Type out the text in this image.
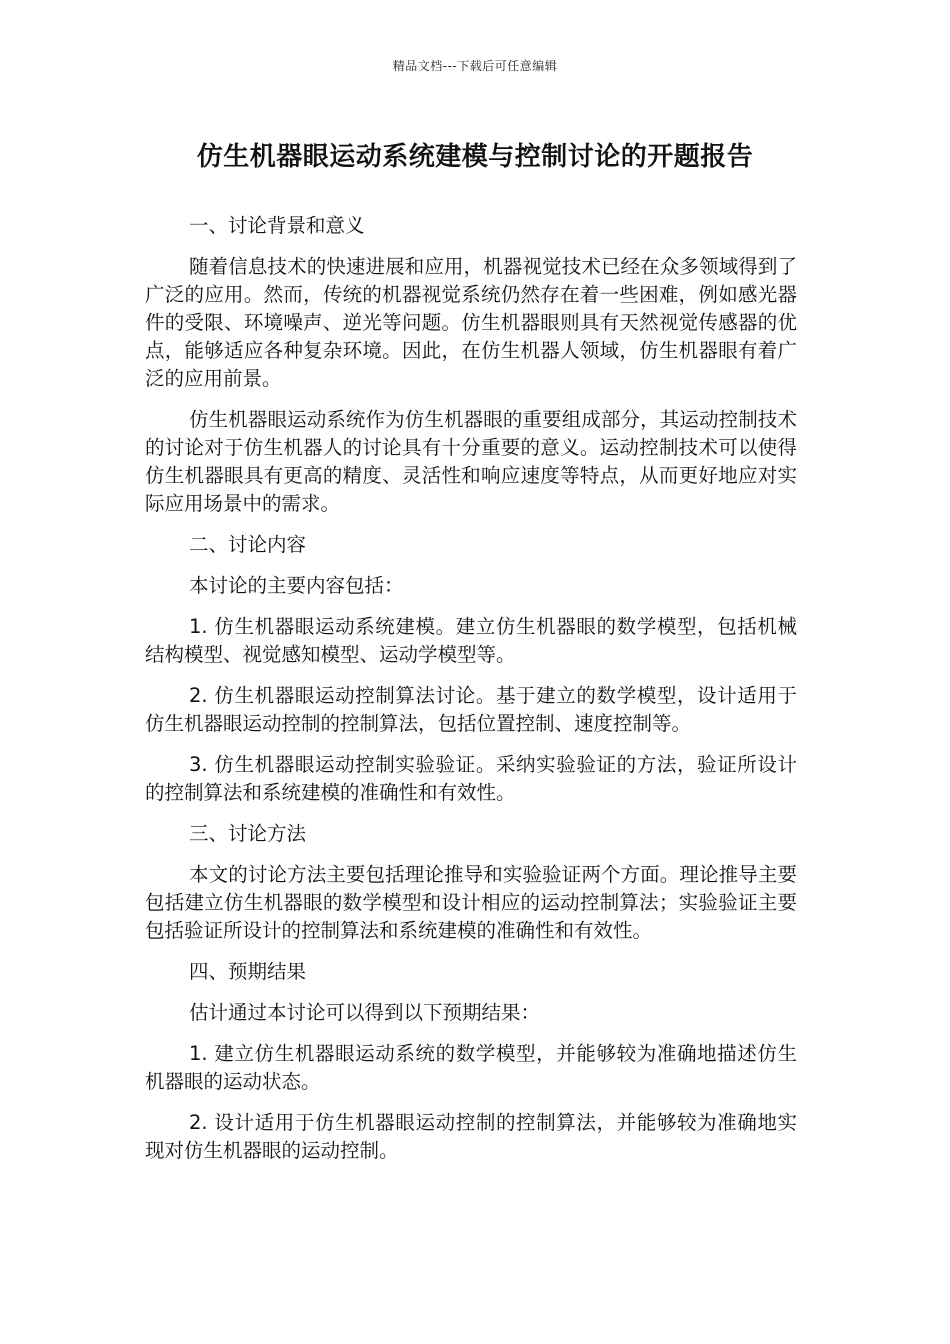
精品文档---下载后可任意编辑
仿生机器眼运动系统建模与控制讨论的开题报告

一、讨论背景和意义

随着信息技术的快速进展和应用，机器视觉技术已经在众多领域得到了广泛的应用。然而，传统的机器视觉系统仍然存在着一些困难，例如感光器件的受限、环境噪声、逆光等问题。仿生机器眼则具有天然视觉传感器的优点，能够适应各种复杂环境。因此，在仿生机器人领域，仿生机器眼有着广泛的应用前景。

仿生机器眼运动系统作为仿生机器眼的重要组成部分，其运动控制技术的讨论对于仿生机器人的讨论具有十分重要的意义。运动控制技术可以使得仿生机器眼具有更高的精度、灵活性和响应速度等特点，从而更好地应对实际应用场景中的需求。

二、讨论内容

本讨论的主要内容包括：

1. 仿生机器眼运动系统建模。建立仿生机器眼的数学模型，包括机械结构模型、视觉感知模型、运动学模型等。

2. 仿生机器眼运动控制算法讨论。基于建立的数学模型，设计适用于仿生机器眼运动控制的控制算法，包括位置控制、速度控制等。

3. 仿生机器眼运动控制实验验证。采纳实验验证的方法，验证所设计的控制算法和系统建模的准确性和有效性。

三、讨论方法

本文的讨论方法主要包括理论推导和实验验证两个方面。理论推导主要包括建立仿生机器眼的数学模型和设计相应的运动控制算法；实验验证主要包括验证所设计的控制算法和系统建模的准确性和有效性。

四、预期结果

估计通过本讨论可以得到以下预期结果：

1. 建立仿生机器眼运动系统的数学模型，并能够较为准确地描述仿生机器眼的运动状态。

2. 设计适用于仿生机器眼运动控制的控制算法，并能够较为准确地实现对仿生机器眼的运动控制。
